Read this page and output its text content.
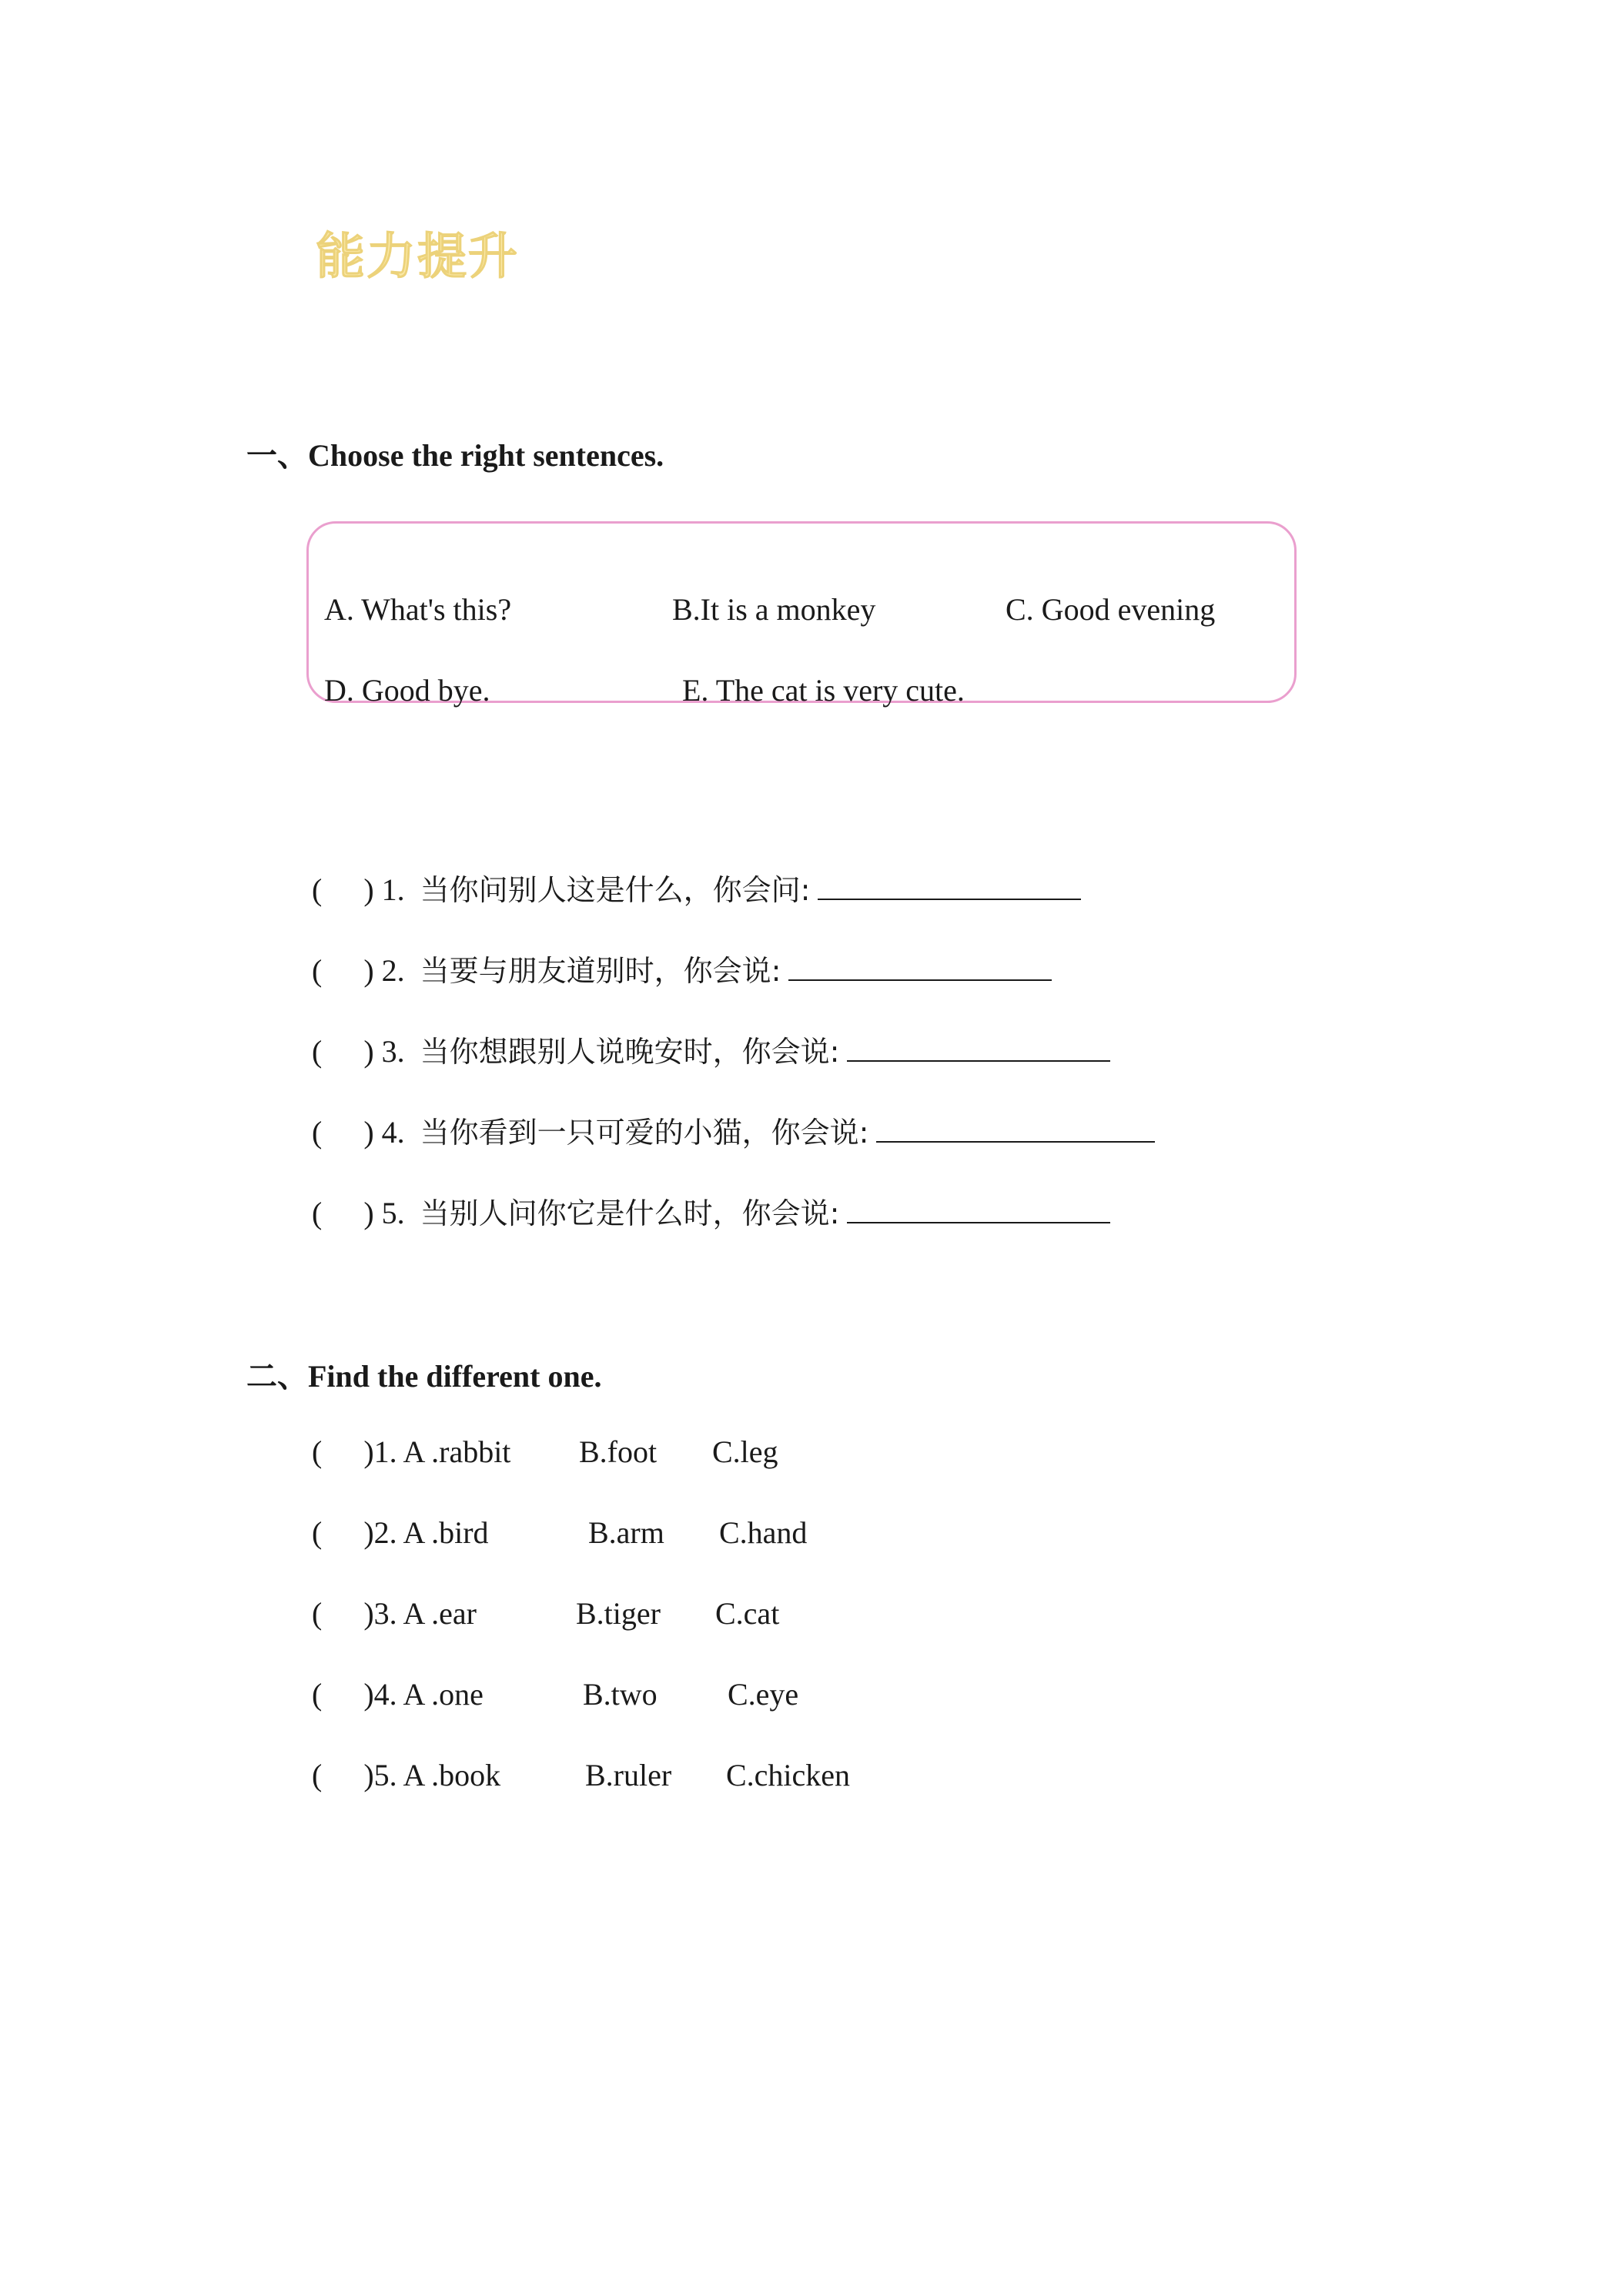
能力提升
一、Choose the right sentences.
A. What's this?	B.It is a monkey	C. Good evening
D. Good bye.	E. The cat is very cute.
( ) 1. 当你问别人这是什么，你会问:
( ) 2. 当要与朋友道别时，你会说:
( ) 3. 当你想跟别人说晚安时，你会说:
( ) 4. 当你看到一只可爱的小猫，你会说:
( ) 5. 当别人问你它是什么时，你会说:
二、Find the different one.
( )1. A .rabbit B.foot C.leg
( )2. A .bird	B.arm C.hand
( )3. A .ear	B.tiger C.cat
( )4. A .one	B.two C.eye
( )5. A .book	B.ruler C.chicken
